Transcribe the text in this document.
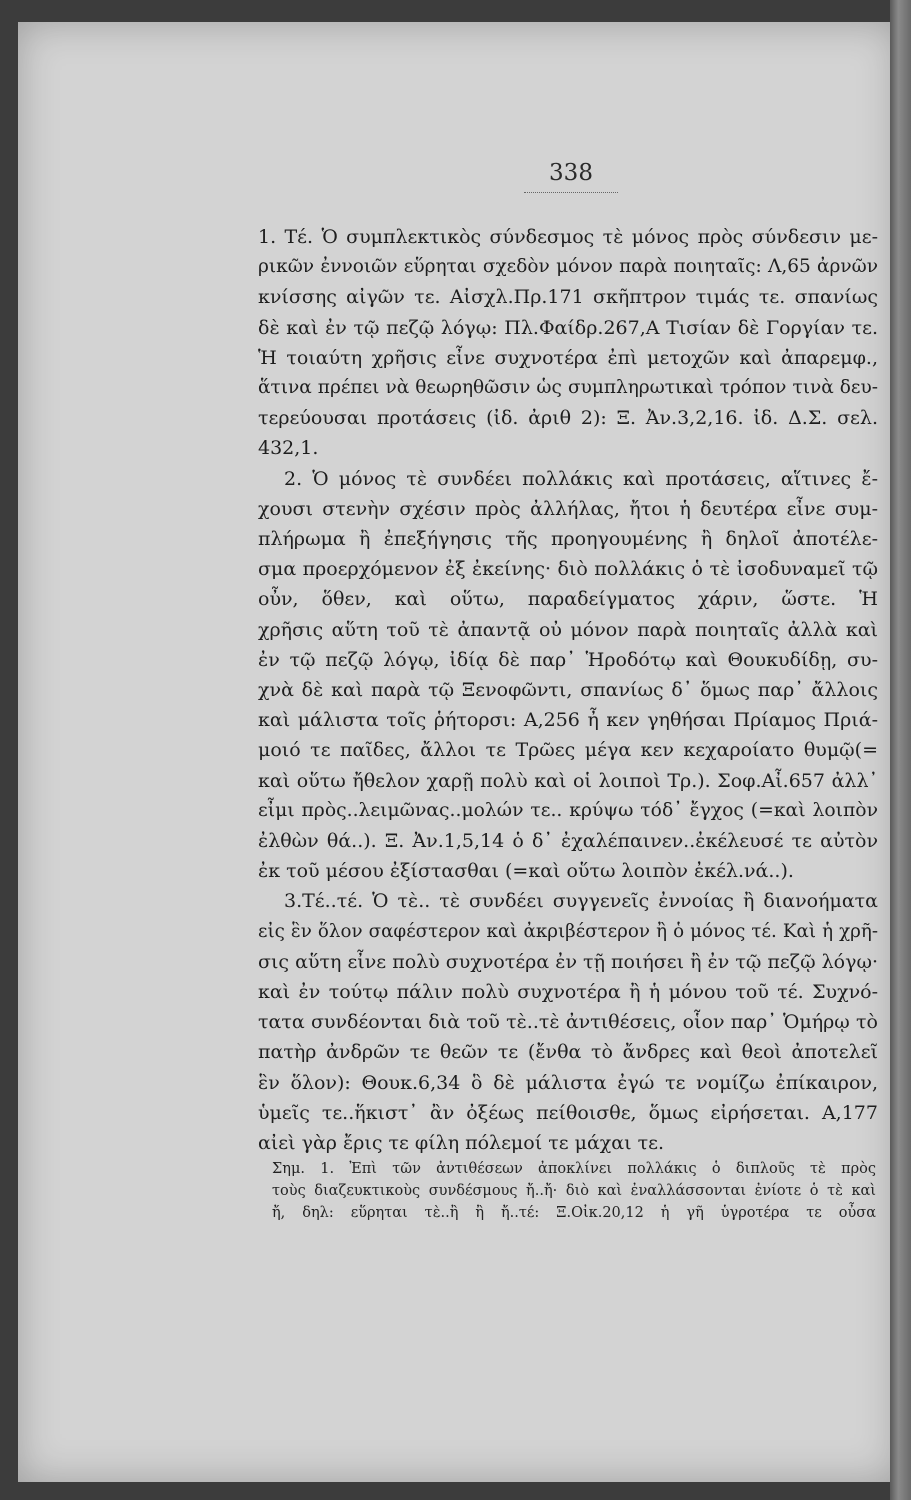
338

1. Τέ. Ὁ συμπλεκτικὸς σύνδεσμος τὲ μόνος πρὸς σύνδεσιν με-
ρικῶν ἐννοιῶν εὕρηται σχεδὸν μόνον παρὰ ποιηταῖς: Λ,65 ἀρνῶν
κνίσσης αἰγῶν τε. Αἰσχλ.Πρ.171 σκῆπτρον τιμάς τε. σπανίως
δὲ καὶ ἐν τῷ πεζῷ λόγῳ: Πλ.Φαίδρ.267,Α Τισίαν δὲ Γοργίαν τε.
Ἡ τοιαύτη χρῆσις εἶνε συχνοτέρα ἐπὶ μετοχῶν καὶ ἀπαρεμφ.,
ἅτινα πρέπει νὰ θεωρηθῶσιν ὡς συμπληρωτικαὶ τρόπον τινὰ δευ-
τερεύουσαι προτάσεις (ἰδ. ἀριθ 2): Ξ. Ἀν.3,2,16. ἰδ. Δ.Σ. σελ.
432,1.

2. Ὁ μόνος τὲ συνδέει πολλάκις καὶ προτάσεις, αἵτινες ἔ-
χουσι στενὴν σχέσιν πρὸς ἀλλήλας, ἤτοι ἡ δευτέρα εἶνε συμ-
πλήρωμα ἢ ἐπεξήγησις τῆς προηγουμένης ἢ δηλοῖ ἀποτέλε-
σμα προερχόμενον ἐξ ἐκείνης· διὸ πολλάκις ὁ τὲ ἰσοδυναμεῖ τῷ
οὖν, ὅθεν, καὶ οὕτω, παραδείγματος χάριν, ὥστε. Ἡ
χρῆσις αὕτη τοῦ τὲ ἀπαντᾷ οὐ μόνον παρὰ ποιηταῖς ἀλλὰ καὶ
ἐν τῷ πεζῷ λόγῳ, ἰδίᾳ δὲ παρ᾽ Ἡροδότῳ καὶ Θουκυδίδῃ, συ-
χνὰ δὲ καὶ παρὰ τῷ Ξενοφῶντι, σπανίως δ᾽ ὅμως παρ᾽ ἄλλοις
καὶ μάλιστα τοῖς ῥήτορσι: Α,256 ἦ κεν γηθήσαι Πρίαμος Πριά-
μοιό τε παῖδες, ἄλλοι τε Τρῶες μέγα κεν κεχαροίατο θυμῷ(=
καὶ οὕτω ἤθελον χαρῇ πολὺ καὶ οἱ λοιποὶ Τρ.). Σοφ.Αἶ.657 ἀλλ᾽
εἶμι πρὸς..λειμῶνας..μολών τε.. κρύψω τόδ᾽ ἔγχος (=καὶ λοιπὸν
ἐλθὼν θά..). Ξ. Ἀν.1,5,14 ὁ δ᾽ ἐχαλέπαινεν..ἐκέλευσέ τε αὐτὸν
ἐκ τοῦ μέσου ἐξίστασθαι (=καὶ οὕτω λοιπὸν ἐκέλ.νά..).

3.Τέ..τέ. Ὁ τὲ.. τὲ συνδέει συγγενεῖς ἐννοίας ἢ διανοήματα
εἰς ἓν ὅλον σαφέστερον καὶ ἀκριβέστερον ἢ ὁ μόνος τέ. Καὶ ἡ χρῆ-
σις αὕτη εἶνε πολὺ συχνοτέρα ἐν τῇ ποιήσει ἢ ἐν τῷ πεζῷ λόγῳ·
καὶ ἐν τούτῳ πάλιν πολὺ συχνοτέρα ἢ ἡ μόνου τοῦ τέ. Συχνό-
τατα συνδέονται διὰ τοῦ τὲ..τὲ ἀντιθέσεις, οἷον παρ᾽ Ὁμήρῳ τὸ
πατὴρ ἀνδρῶν τε θεῶν τε (ἔνθα τὸ ἄνδρες καὶ θεοὶ ἀποτελεῖ
ἓν ὅλον): Θουκ.6,34 ὃ δὲ μάλιστα ἐγώ τε νομίζω ἐπίκαιρον,
ὑμεῖς τε..ἥκιστ᾽ ἂν ὀξέως πείθοισθε, ὅμως εἰρήσεται. Α,177
αἰεὶ γὰρ ἔρις τε φίλη πόλεμοί τε μάχαι τε.

Σημ. 1. Ἐπὶ τῶν ἀντιθέσεων ἀποκλίνει πολλάκις ὁ διπλοῦς τὲ πρὸς
τοὺς διαζευκτικοὺς συνδέσμους ἤ..ἤ· διὸ καὶ ἐναλλάσσονται ἐνίοτε ὁ τὲ καὶ
ἤ, δηλ: εὕρηται τὲ..ἢ ἢ ἤ..τέ: Ξ.Οἰκ.20,12 ἡ γῆ ὑγροτέρα τε οὖσα
